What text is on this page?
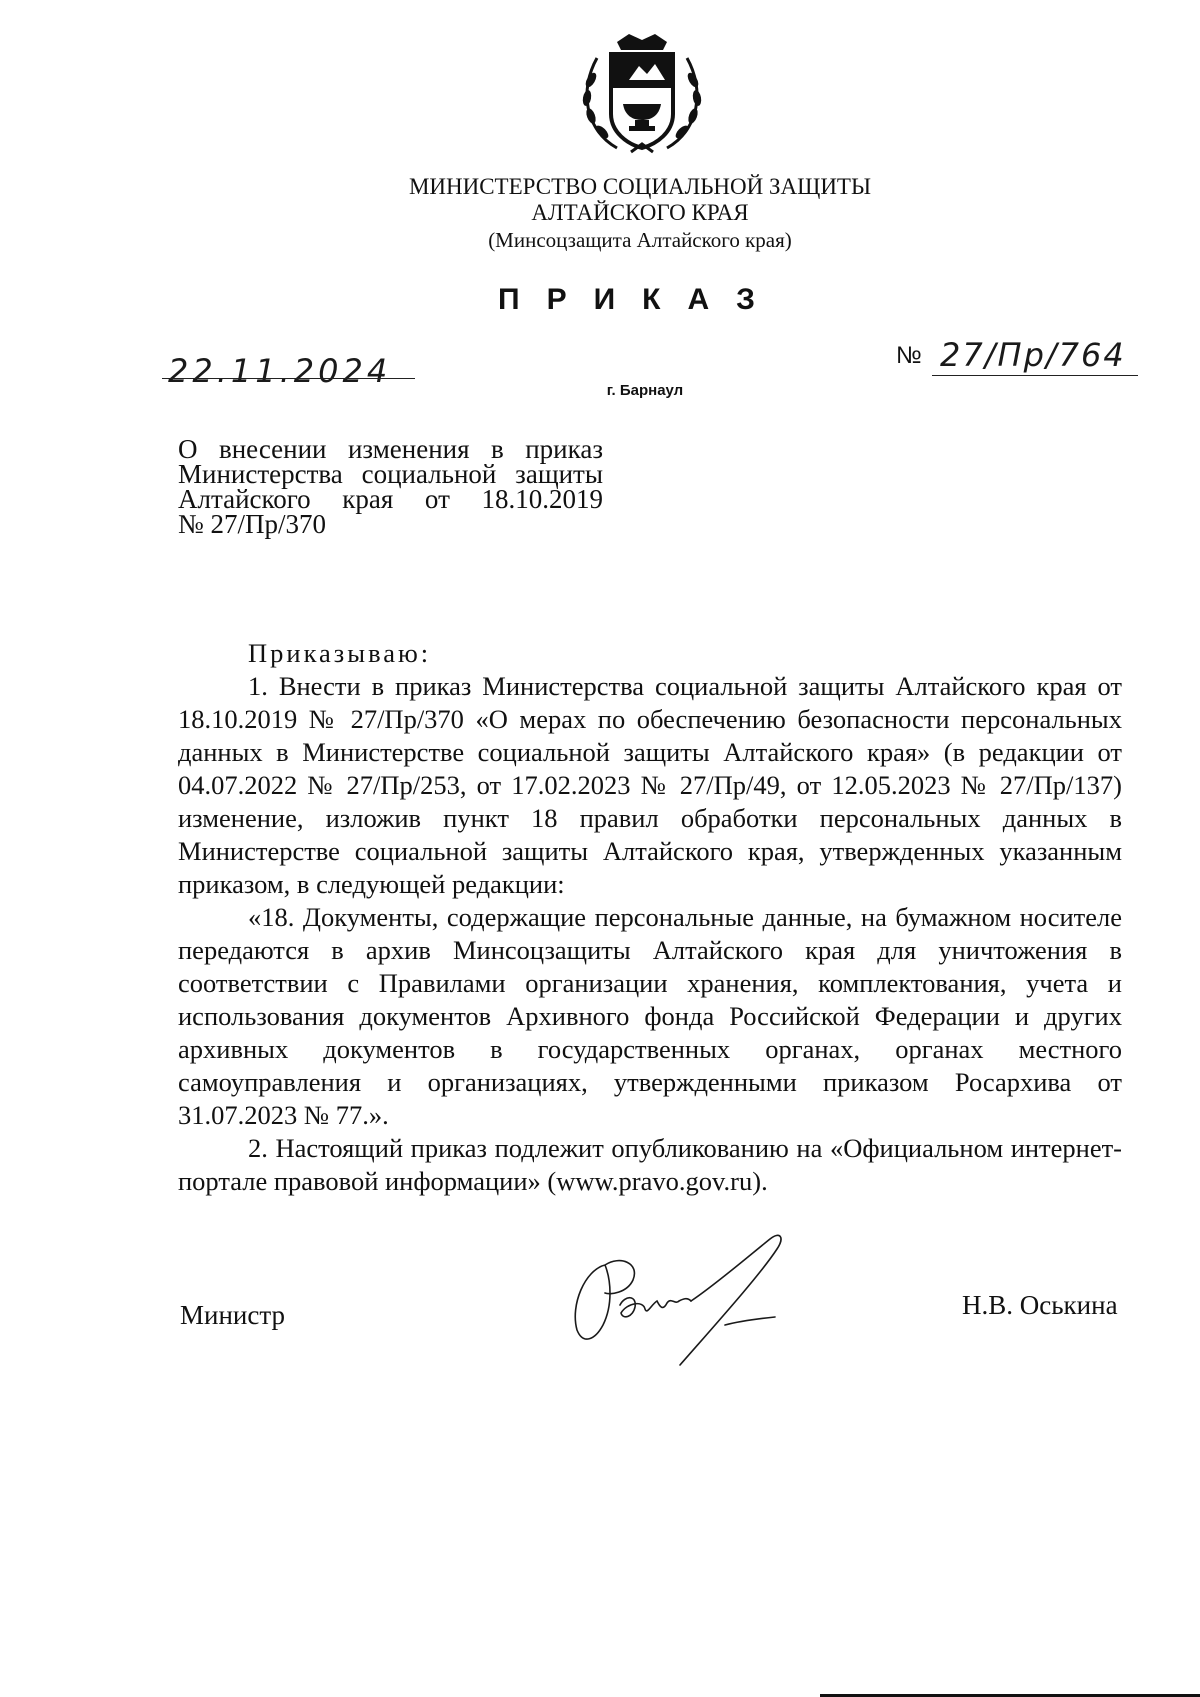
МИНИСТЕРСТВО СОЦИАЛЬНОЙ ЗАЩИТЫ
АЛТАЙСКОГО КРАЯ
(Минсоцзащита Алтайского края)
ПРИКАЗ
22.11.2024	№ 27/Пр/764
г. Барнаул
О внесении изменения в приказ
Министерства социальной защиты
Алтайского края от 18.10.2019
№ 27/Пр/370

Приказываю:

1. Внести в приказ Министерства социальной защиты Алтайского края от 18.10.2019 № 27/Пр/370 «О мерах по обеспечению безопасности персональных данных в Министерстве социальной защиты Алтайского края» (в редакции от 04.07.2022 № 27/Пр/253, от 17.02.2023 № 27/Пр/49, от 12.05.2023 № 27/Пр/137) изменение, изложив пункт 18 правил обработки персональных данных в Министерстве социальной защиты Алтайского края, утвержденных указанным приказом, в следующей редакции:

«18. Документы, содержащие персональные данные, на бумажном носителе передаются в архив Минсоцзащиты Алтайского края для уничтожения в соответствии с Правилами организации хранения, комплектования, учета и использования документов Архивного фонда Российской Федерации и других архивных документов в государственных органах, органах местного самоуправления и организациях, утвержденными приказом Росархива от 31.07.2023 № 77.».

2. Настоящий приказ подлежит опубликованию на «Официальном интернет-портале правовой информации» (www.pravo.gov.ru).

Министр	Н.В. Оськина
